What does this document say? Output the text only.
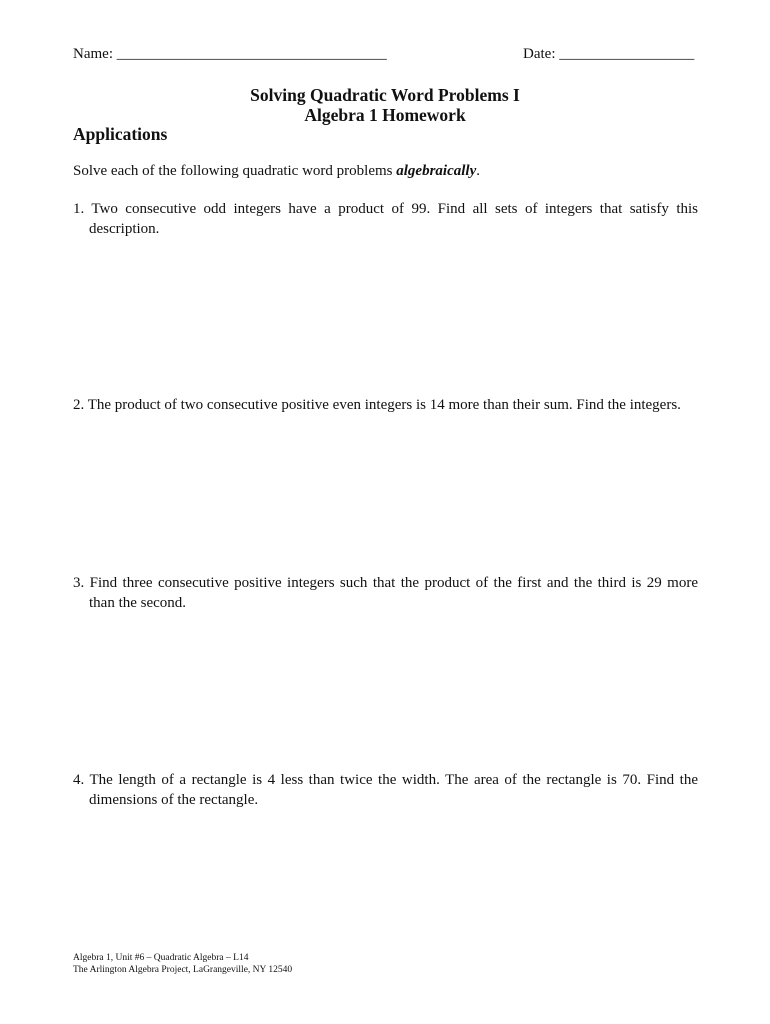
Name: ____________________________________	Date: __________________
Solving Quadratic Word Problems I
Algebra 1 Homework
Applications
Solve each of the following quadratic word problems algebraically.
1. Two consecutive odd integers have a product of 99. Find all sets of integers that satisfy this
description.
2. The product of two consecutive positive even integers is 14 more than their sum. Find the integers.
3. Find three consecutive positive integers such that the product of the first and the third is 29 more
than the second.
4. The length of a rectangle is 4 less than twice the width. The area of the rectangle is 70. Find the
dimensions of the rectangle.
Algebra 1, Unit #6 – Quadratic Algebra – L14
The Arlington Algebra Project, LaGrangeville, NY 12540
